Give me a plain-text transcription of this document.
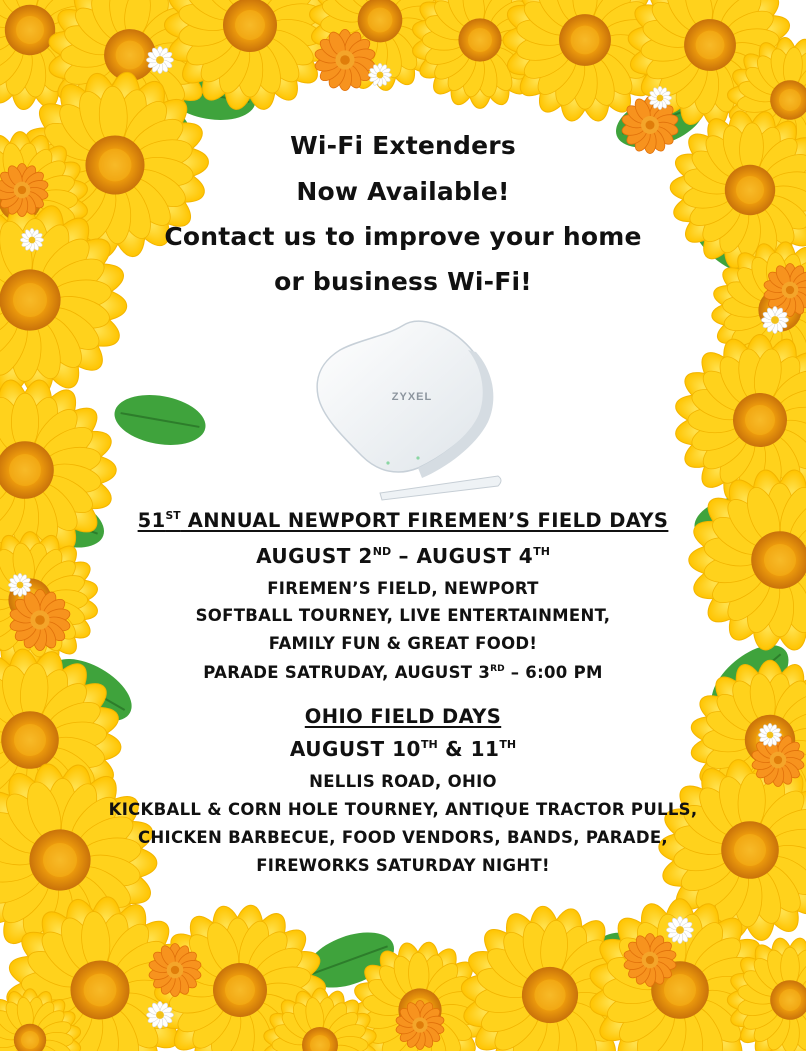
Wi-Fi Extenders
Now Available!
Contact us to improve your home
or business Wi-Fi!
ZYXEL
51ST ANNUAL NEWPORT FIREMEN’S FIELD DAYS
AUGUST 2ND – AUGUST 4TH
FIREMEN’S FIELD, NEWPORT
SOFTBALL TOURNEY, LIVE ENTERTAINMENT,
FAMILY FUN & GREAT FOOD!
PARADE SATRUDAY, AUGUST 3RD – 6:00 PM
OHIO FIELD DAYS
AUGUST 10TH & 11TH
NELLIS ROAD, OHIO
KICKBALL & CORN HOLE TOURNEY, ANTIQUE TRACTOR PULLS,
CHICKEN BARBECUE, FOOD VENDORS, BANDS, PARADE,
FIREWORKS SATURDAY NIGHT!
